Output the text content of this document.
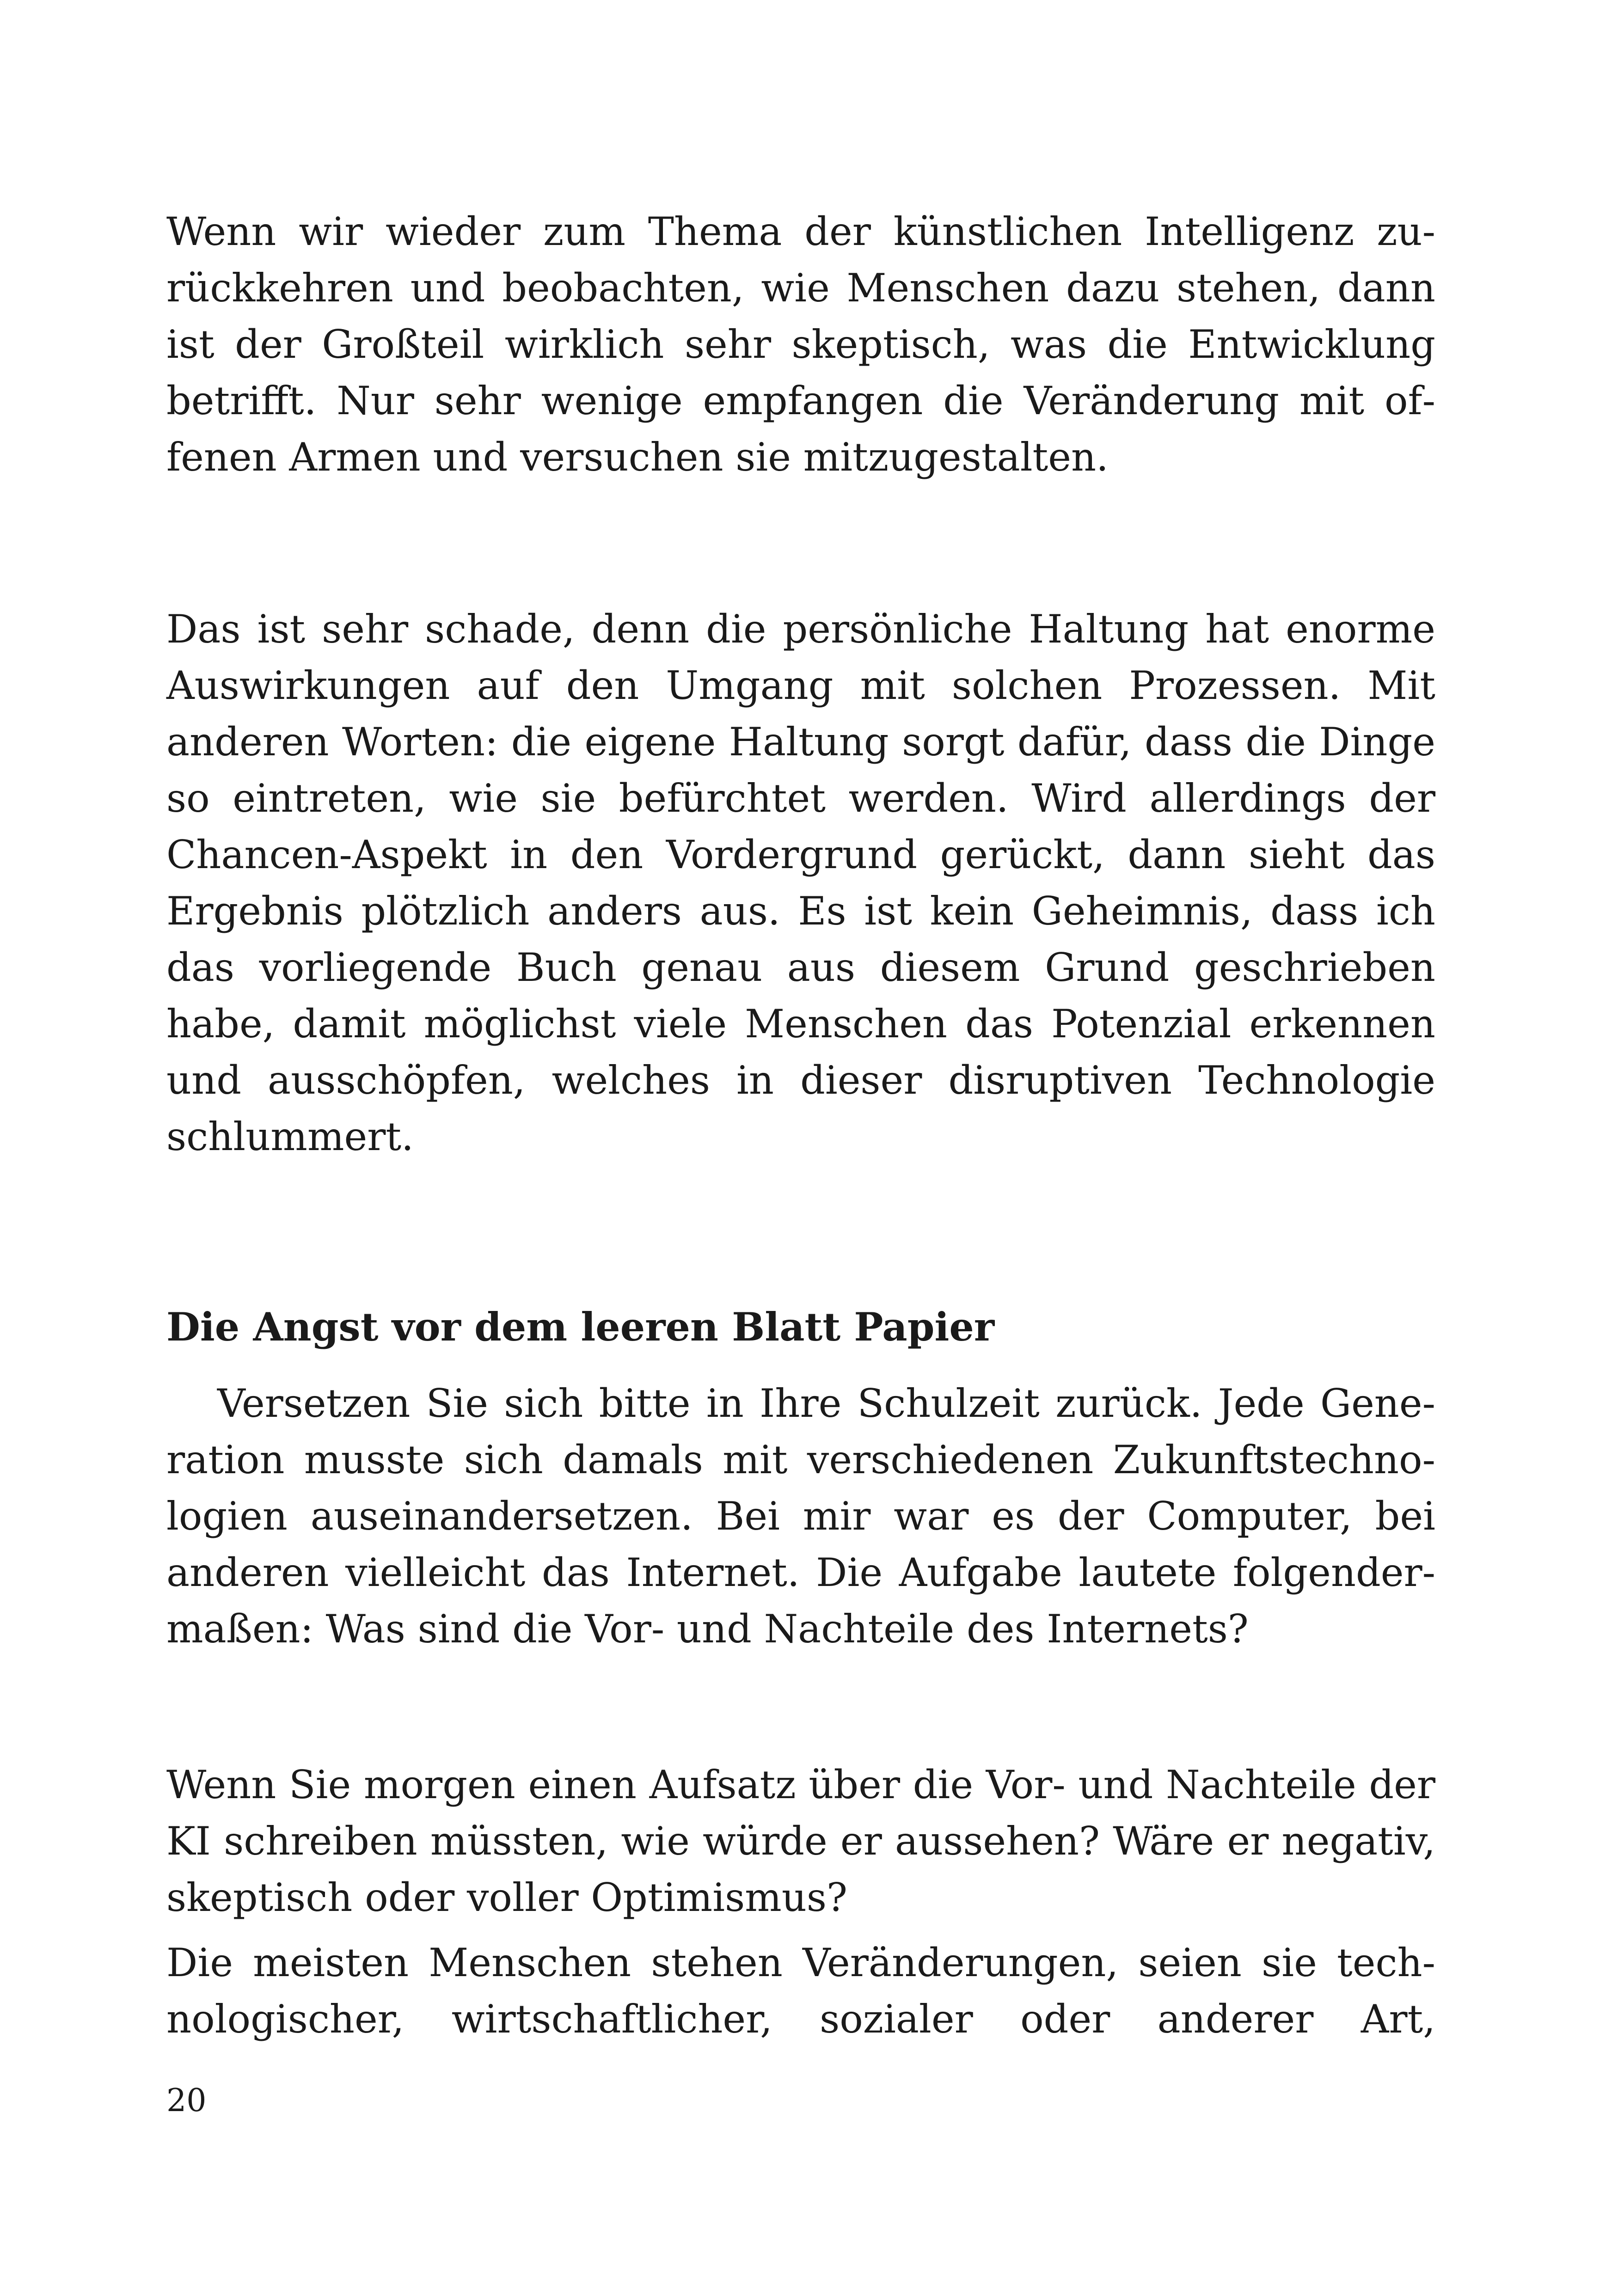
Wenn wir wieder zum Thema der künstlichen Intelligenz zurückkehren und beobachten, wie Menschen dazu stehen, dann ist der Großteil wirklich sehr skeptisch, was die Entwicklung betrifft. Nur sehr wenige empfangen die Veränderung mit offenen Armen und versuchen sie mitzugestalten.

Das ist sehr schade, denn die persönliche Haltung hat enorme Auswirkungen auf den Umgang mit solchen Prozessen. Mit anderen Worten: die eigene Haltung sorgt dafür, dass die Dinge so eintreten, wie sie befürchtet werden. Wird allerdings der Chancen-Aspekt in den Vordergrund gerückt, dann sieht das Ergebnis plötzlich anders aus. Es ist kein Geheimnis, dass ich das vorliegende Buch genau aus diesem Grund geschrieben habe, damit möglichst viele Menschen das Potenzial erkennen und ausschöpfen, welches in dieser disruptiven Technologie schlummert.

Die Angst vor dem leeren Blatt Papier

Versetzen Sie sich bitte in Ihre Schulzeit zurück. Jede Generation musste sich damals mit verschiedenen Zukunftstechnologien auseinandersetzen. Bei mir war es der Computer, bei anderen vielleicht das Internet. Die Aufgabe lautete folgendermaßen: Was sind die Vor- und Nachteile des Internets?

Wenn Sie morgen einen Aufsatz über die Vor- und Nachteile der KI schreiben müssten, wie würde er aussehen? Wäre er negativ, skeptisch oder voller Optimismus?

Die meisten Menschen stehen Veränderungen, seien sie technologischer, wirtschaftlicher, sozialer oder anderer Art,

20
